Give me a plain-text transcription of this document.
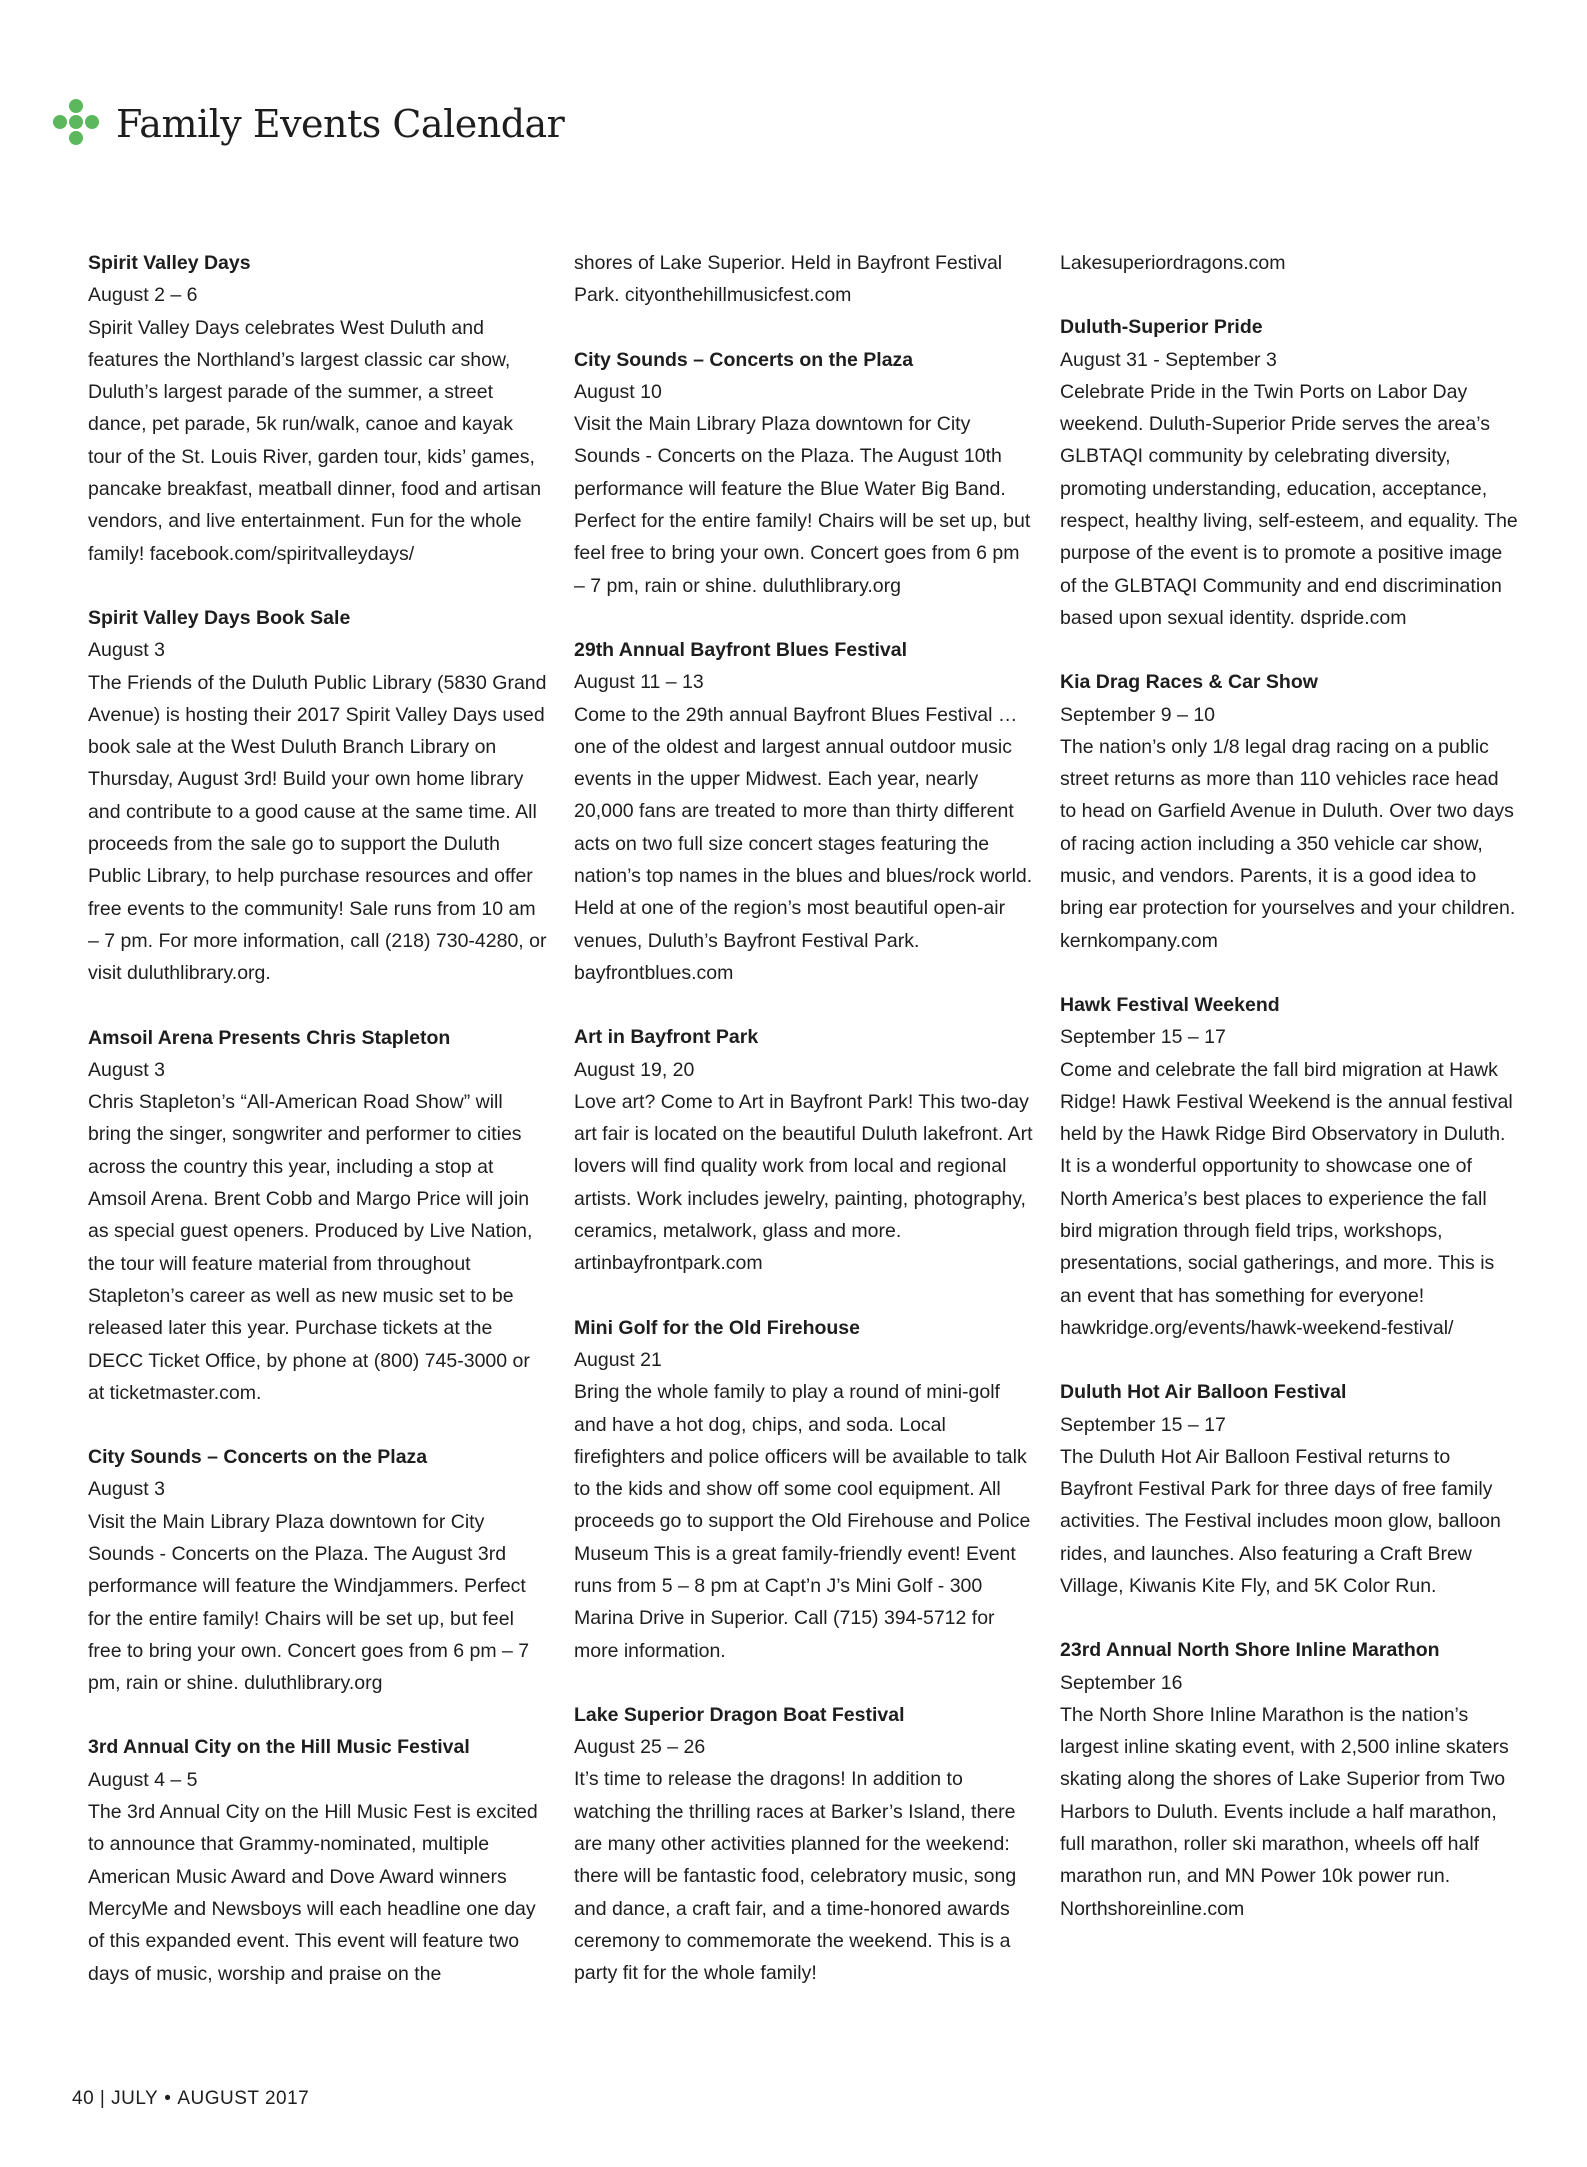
Family Events Calendar

Spirit Valley Days

August 2 – 6

Spirit Valley Days celebrates West Duluth and features the Northland’s largest classic car show, Duluth’s largest parade of the summer, a street dance, pet parade, 5k run/walk, canoe and kayak tour of the St. Louis River, garden tour, kids’ games, pancake breakfast, meatball dinner, food and artisan vendors, and live entertainment. Fun for the whole family! facebook.com/spiritvalleydays/

Spirit Valley Days Book Sale

August 3

The Friends of the Duluth Public Library (5830 Grand Avenue) is hosting their 2017 Spirit Valley Days used book sale at the West Duluth Branch Library on Thursday, August 3rd! Build your own home library and contribute to a good cause at the same time. All proceeds from the sale go to support the Duluth Public Library, to help purchase resources and offer free events to the community! Sale runs from 10 am – 7 pm. For more information, call (218) 730-4280, or visit duluthlibrary.org.

Amsoil Arena Presents Chris Stapleton

August 3

Chris Stapleton’s “All-American Road Show” will bring the singer, songwriter and performer to cities across the country this year, including a stop at Amsoil Arena. Brent Cobb and Margo Price will join as special guest openers. Produced by Live Nation, the tour will feature material from throughout Stapleton’s career as well as new music set to be released later this year. Purchase tickets at the DECC Ticket Office, by phone at (800) 745-3000 or at ticketmaster.com.

City Sounds – Concerts on the Plaza

August 3

Visit the Main Library Plaza downtown for City Sounds - Concerts on the Plaza. The August 3rd performance will feature the Windjammers. Perfect for the entire family! Chairs will be set up, but feel free to bring your own. Concert goes from 6 pm – 7 pm, rain or shine. duluthlibrary.org

3rd Annual City on the Hill Music Festival

August 4 – 5

The 3rd Annual City on the Hill Music Fest is excited to announce that Grammy-nominated, multiple American Music Award and Dove Award winners MercyMe and Newsboys will each headline one day of this expanded event. This event will feature two days of music, worship and praise on the

shores of Lake Superior. Held in Bayfront Festival Park. cityonthehillmusicfest.com

City Sounds – Concerts on the Plaza

August 10

Visit the Main Library Plaza downtown for City Sounds - Concerts on the Plaza. The August 10th performance will feature the Blue Water Big Band. Perfect for the entire family! Chairs will be set up, but feel free to bring your own. Concert goes from 6 pm – 7 pm, rain or shine. duluthlibrary.org

29th Annual Bayfront Blues Festival

August 11 – 13

Come to the 29th annual Bayfront Blues Festival … one of the oldest and largest annual outdoor music events in the upper Midwest. Each year, nearly 20,000 fans are treated to more than thirty different acts on two full size concert stages featuring the nation’s top names in the blues and blues/rock world. Held at one of the region’s most beautiful open-air venues, Duluth’s Bayfront Festival Park. bayfrontblues.com

Art in Bayfront Park

August 19, 20

Love art? Come to Art in Bayfront Park! This two-day art fair is located on the beautiful Duluth lakefront. Art lovers will find quality work from local and regional artists. Work includes jewelry, painting, photography, ceramics, metalwork, glass and more. artinbayfrontpark.com

Mini Golf for the Old Firehouse

August 21

Bring the whole family to play a round of mini-golf and have a hot dog, chips, and soda. Local firefighters and police officers will be available to talk to the kids and show off some cool equipment. All proceeds go to support the Old Firehouse and Police Museum This is a great family-friendly event! Event runs from 5 – 8 pm at Capt’n J’s Mini Golf - 300 Marina Drive in Superior. Call (715) 394-5712 for more information.

Lake Superior Dragon Boat Festival

August 25 – 26

It’s time to release the dragons! In addition to watching the thrilling races at Barker’s Island, there are many other activities planned for the weekend: there will be fantastic food, celebratory music, song and dance, a craft fair, and a time-honored awards ceremony to commemorate the weekend. This is a party fit for the whole family!

Lakesuperiordragons.com

Duluth-Superior Pride

August 31 - September 3

Celebrate Pride in the Twin Ports on Labor Day weekend. Duluth-Superior Pride serves the area’s GLBTAQI community by celebrating diversity, promoting understanding, education, acceptance, respect, healthy living, self-esteem, and equality. The purpose of the event is to promote a positive image of the GLBTAQI Community and end discrimination based upon sexual identity. dspride.com

Kia Drag Races & Car Show

September 9 – 10

The nation’s only 1/8 legal drag racing on a public street returns as more than 110 vehicles race head to head on Garfield Avenue in Duluth. Over two days of racing action including a 350 vehicle car show, music, and vendors. Parents, it is a good idea to bring ear protection for yourselves and your children. kernkompany.com

Hawk Festival Weekend

September 15 – 17

Come and celebrate the fall bird migration at Hawk Ridge! Hawk Festival Weekend is the annual festival held by the Hawk Ridge Bird Observatory in Duluth. It is a wonderful opportunity to showcase one of North America’s best places to experience the fall bird migration through field trips, workshops, presentations, social gatherings, and more. This is an event that has something for everyone! hawkridge.org/events/hawk-weekend-festival/

Duluth Hot Air Balloon Festival

September 15 – 17

The Duluth Hot Air Balloon Festival returns to Bayfront Festival Park for three days of free family activities. The Festival includes moon glow, balloon rides, and launches. Also featuring a Craft Brew Village, Kiwanis Kite Fly, and 5K Color Run.

23rd Annual North Shore Inline Marathon

September 16

The North Shore Inline Marathon is the nation’s largest inline skating event, with 2,500 inline skaters skating along the shores of Lake Superior from Two Harbors to Duluth. Events include a half marathon, full marathon, roller ski marathon, wheels off half marathon run, and MN Power 10k power run. Northshoreinline.com

40 | JULY • AUGUST 2017
